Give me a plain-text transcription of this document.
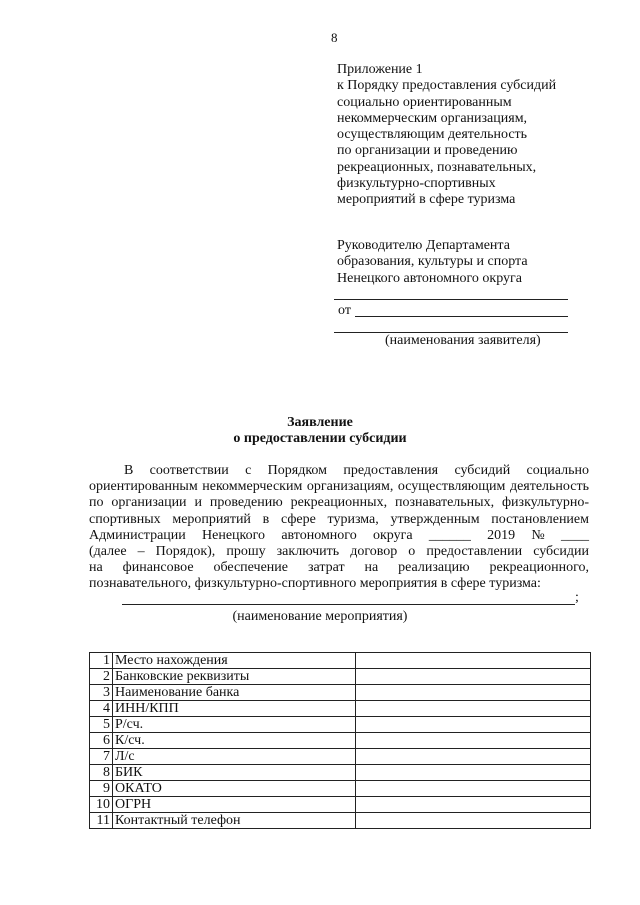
8
Приложение 1
к Порядку предоставления субсидий
социально ориентированным
некоммерческим организациям,
осуществляющим деятельность
по организации и проведению
рекреационных, познавательных,
физкультурно-спортивных
мероприятий в сфере туризма
Руководителю Департамента
образования, культуры и спорта
Ненецкого автономного округа
от
(наименования заявителя)
Заявление
о предоставлении субсидии
В соответствии с Порядком предоставления субсидий социально
ориентированным некоммерческим организациям, осуществляющим деятельность
по организации и проведению рекреационных, познавательных, физкультурно-
спортивных мероприятий в сфере туризма, утвержденным постановлением
Администрации Ненецкого автономного округа ______ 2019 № ____
(далее – Порядок), прошу заключить договор о предоставлении субсидии
на финансовое обеспечение затрат на реализацию рекреационного,
познавательного, физкультурно-спортивного мероприятия в сфере туризма:
;
(наименование мероприятия)
1	Место нахождения	
2	Банковские реквизиты	
3	Наименование банка	
4	ИНН/КПП	
5	Р/сч.	
6	К/сч.	
7	Л/с	
8	БИК	
9	ОКАТО	
10	ОГРН	
11	Контактный телефон	
